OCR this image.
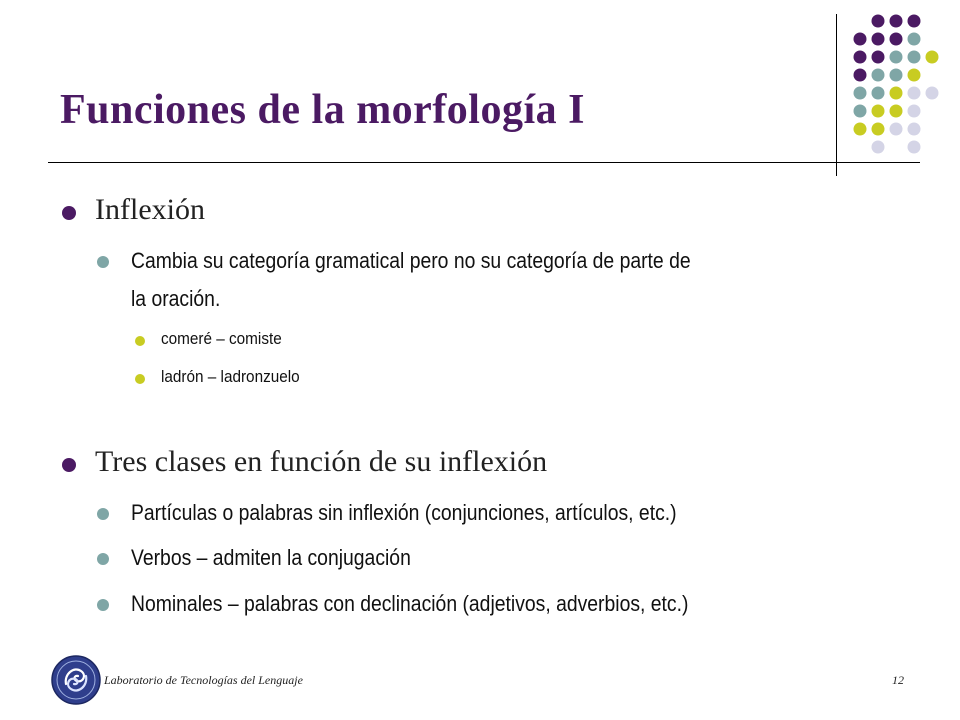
Funciones de la morfología I
Inflexión
Cambia su categoría gramatical pero no su categoría de parte de
la oración.
comeré – comiste
ladrón – ladronzuelo
Tres clases en función de su inflexión
Partículas o palabras sin inflexión (conjunciones, artículos, etc.)
Verbos – admiten la conjugación
Nominales – palabras con declinación (adjetivos, adverbios, etc.)
Laboratorio de Tecnologías del Lenguaje	12
